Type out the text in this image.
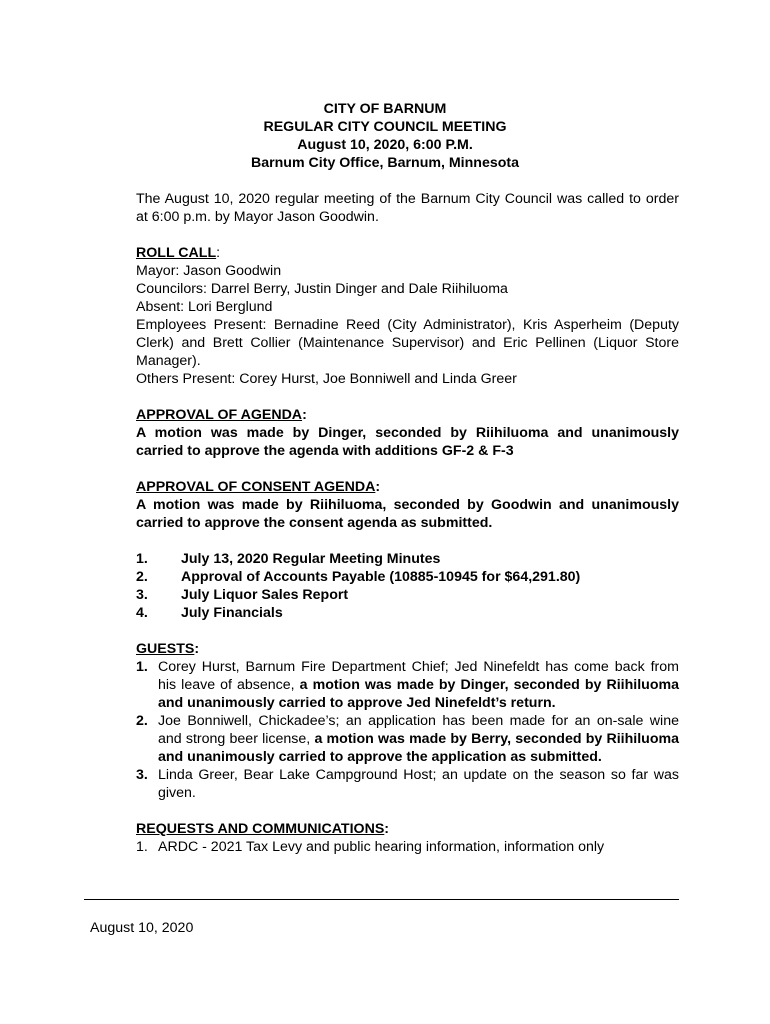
CITY OF BARNUM
REGULAR CITY COUNCIL MEETING
August 10, 2020, 6:00 P.M.
Barnum City Office, Barnum, Minnesota
The August 10, 2020 regular meeting of the Barnum City Council was called to order at 6:00 p.m. by Mayor Jason Goodwin.
ROLL CALL:
Mayor: Jason Goodwin
Councilors: Darrel Berry, Justin Dinger and Dale Riihiluoma
Absent: Lori Berglund
Employees Present: Bernadine Reed (City Administrator), Kris Asperheim (Deputy Clerk) and Brett Collier (Maintenance Supervisor) and Eric Pellinen (Liquor Store Manager).
Others Present: Corey Hurst, Joe Bonniwell and Linda Greer
APPROVAL OF AGENDA:
A motion was made by Dinger, seconded by Riihiluoma and unanimously carried to approve the agenda with additions GF-2 & F-3
APPROVAL OF CONSENT AGENDA:
A motion was made by Riihiluoma, seconded by Goodwin and unanimously carried to approve the consent agenda as submitted.
1.	July 13, 2020 Regular Meeting Minutes
2.	Approval of Accounts Payable (10885-10945 for $64,291.80)
3.	July Liquor Sales Report
4.	July Financials
GUESTS:
1. Corey Hurst, Barnum Fire Department Chief; Jed Ninefeldt has come back from his leave of absence, a motion was made by Dinger, seconded by Riihiluoma and unanimously carried to approve Jed Ninefeldt’s return.
2. Joe Bonniwell, Chickadee’s; an application has been made for an on-sale wine and strong beer license, a motion was made by Berry, seconded by Riihiluoma and unanimously carried to approve the application as submitted.
3. Linda Greer, Bear Lake Campground Host; an update on the season so far was given.
REQUESTS AND COMMUNICATIONS:
1. ARDC - 2021 Tax Levy and public hearing information, information only
August 10, 2020
